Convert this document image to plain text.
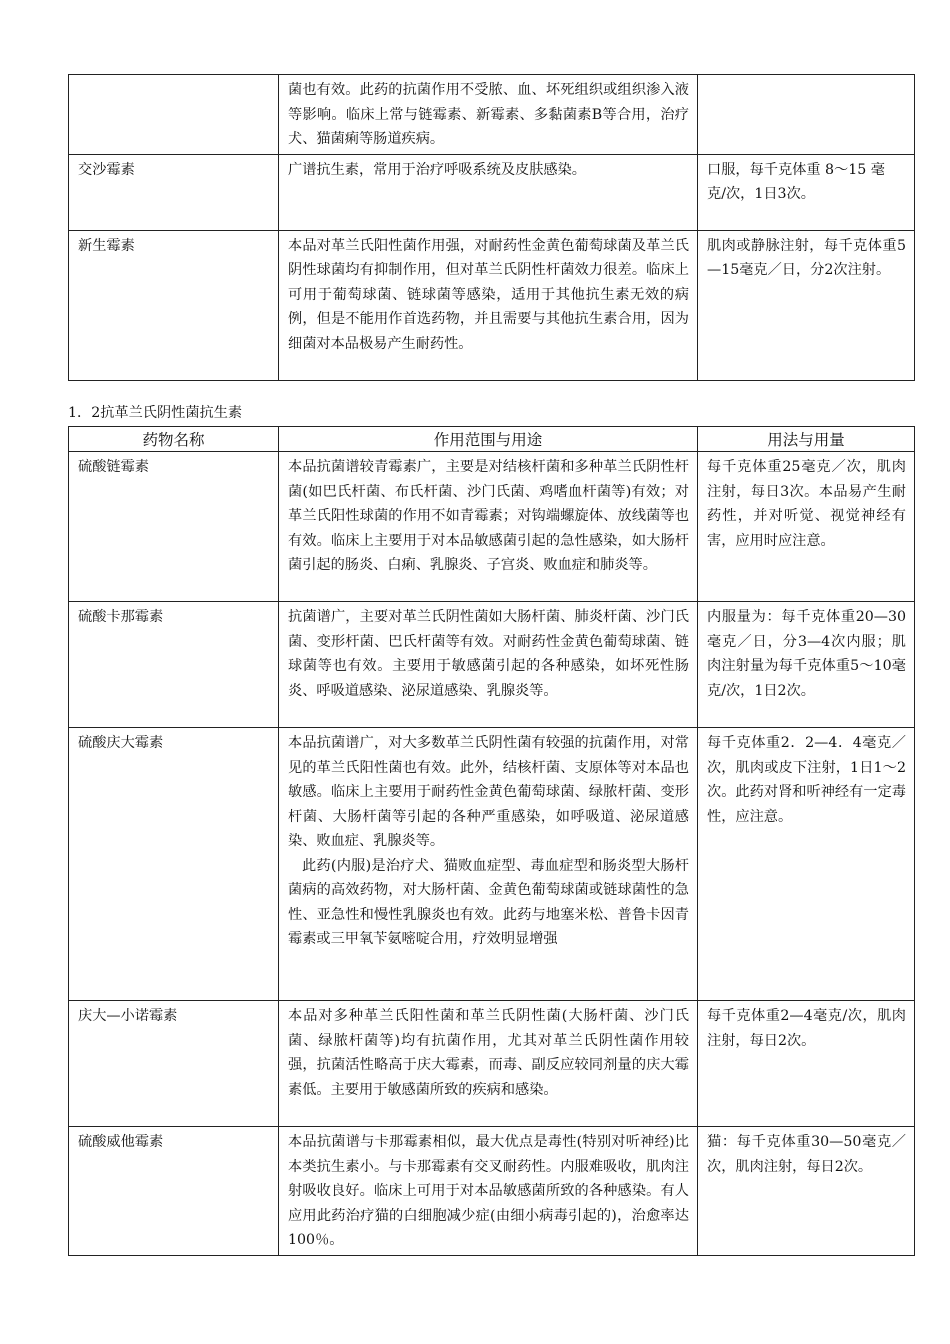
	菌也有效。此药的抗菌作用不受脓、血、坏死组织或组织渗入液等影响。临床上常与链霉素、新霉素、多黏菌素B等合用，治疗犬、猫菌痢等肠道疾病。	
交沙霉素	广谱抗生素，常用于治疗呼吸系统及皮肤感染。	口服，每千克体重 8～15 毫
克/次，1日3次。
新生霉素	本品对革兰氏阳性菌作用强，对耐药性金黄色葡萄球菌及革兰氏阴性球菌均有抑制作用，但对革兰氏阴性杆菌效力很差。临床上可用于葡萄球菌、链球菌等感染，适用于其他抗生素无效的病例，但是不能用作首选药物，并且需要与其他抗生素合用，因为细菌对本品极易产生耐药性。	肌肉或静脉注射，每千克体重5—15毫克／日，分2次注射。
1．2抗革兰氏阴性菌抗生素
药物名称	作用范围与用途	用法与用量
硫酸链霉素	本品抗菌谱较青霉素广，主要是对结核杆菌和多种革兰氏阴性杆菌(如巴氏杆菌、布氏杆菌、沙门氏菌、鸡嗜血杆菌等)有效；对革兰氏阳性球菌的作用不如青霉素；对钩端螺旋体、放线菌等也有效。临床上主要用于对本品敏感菌引起的急性感染，如大肠杆菌引起的肠炎、白痢、乳腺炎、子宫炎、败血症和肺炎等。	每千克体重25毫克／次，肌肉注射，每日3次。本品易产生耐药性，并对听觉、视觉神经有害，应用时应注意。
硫酸卡那霉素	抗菌谱广，主要对革兰氏阴性菌如大肠杆菌、肺炎杆菌、沙门氏菌、变形杆菌、巴氏杆菌等有效。对耐药性金黄色葡萄球菌、链球菌等也有效。主要用于敏感菌引起的各种感染，如坏死性肠炎、呼吸道感染、泌尿道感染、乳腺炎等。	内服量为：每千克体重20—30毫克／日，分3—4次内服；肌肉注射量为每千克体重5～10毫克/次，1日2次。
硫酸庆大霉素	本品抗菌谱广，对大多数革兰氏阴性菌有较强的抗菌作用，对常见的革兰氏阳性菌也有效。此外，结核杆菌、支原体等对本品也敏感。临床上主要用于耐药性金黄色葡萄球菌、绿脓杆菌、变形杆菌、大肠杆菌等引起的各种严重感染，如呼吸道、泌尿道感染、败血症、乳腺炎等。
此药(内服)是治疗犬、猫败血症型、毒血症型和肠炎型大肠杆菌病的高效药物，对大肠杆菌、金黄色葡萄球菌或链球菌性的急性、亚急性和慢性乳腺炎也有效。此药与地塞米松、普鲁卡因青霉素或三甲氧苄氨嘧啶合用，疗效明显增强	每千克体重2．2—4．4毫克／次，肌肉或皮下注射，1日1～2次。此药对肾和听神经有一定毒性，应注意。
庆大—小诺霉素	本品对多种革兰氏阳性菌和革兰氏阴性菌(大肠杆菌、沙门氏菌、绿脓杆菌等)均有抗菌作用，尤其对革兰氏阴性菌作用较强，抗菌活性略高于庆大霉素，而毒、副反应较同剂量的庆大霉素低。主要用于敏感菌所致的疾病和感染。	每千克体重2—4毫克/次，肌肉注射，每日2次。
硫酸威他霉素	本品抗菌谱与卡那霉素相似，最大优点是毒性(特别对听神经)比本类抗生素小。与卡那霉素有交叉耐药性。内服难吸收，肌肉注射吸收良好。临床上可用于对本品敏感菌所致的各种感染。有人应用此药治疗猫的白细胞减少症(由细小病毒引起的)，治愈率达100％。	猫：每千克体重30—50毫克／次，肌肉注射，每日2次。
